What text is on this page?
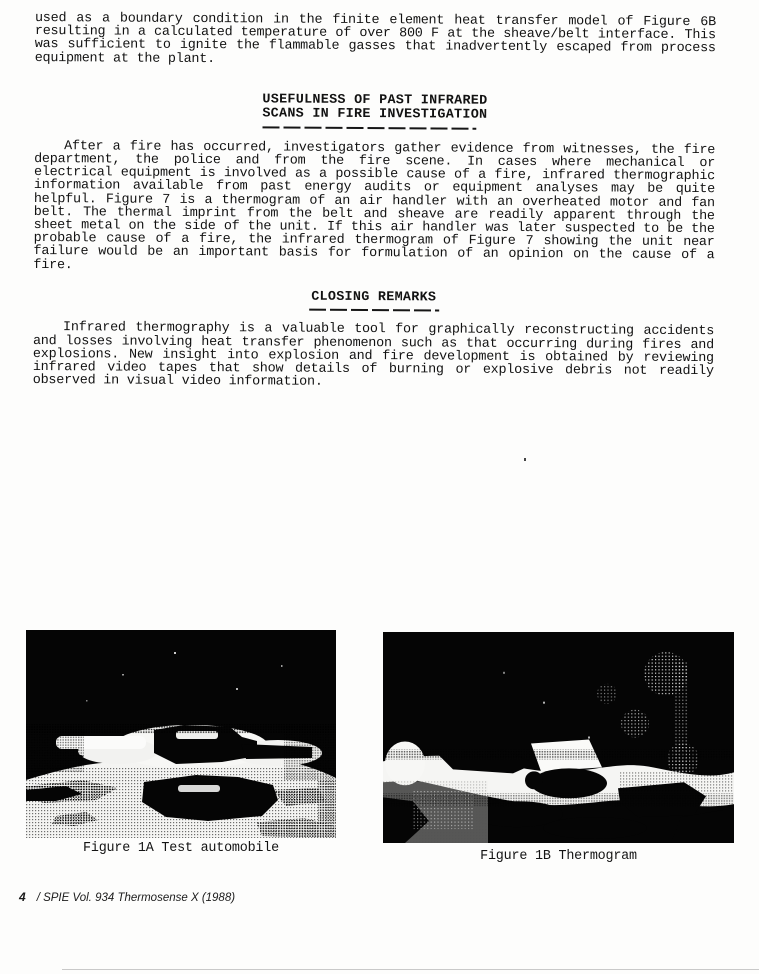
used as a boundary condition in the finite element heat transfer model of Figure 6B resulting in a calculated temperature of over 800 F at the sheave/belt interface. This was sufficient to ignite the flammable gasses that inadvertently escaped from process equipment at the plant.

USEFULNESS OF PAST INFRARED
SCANS IN FIRE INVESTIGATION

After a fire has occurred, investigators gather evidence from witnesses, the fire department, the police and from the fire scene. In cases where mechanical or electrical equipment is involved as a possible cause of a fire, infrared thermographic information available from past energy audits or equipment analyses may be quite helpful. Figure 7 is a thermogram of an air handler with an overheated motor and fan belt. The thermal imprint from the belt and sheave are readily apparent through the sheet metal on the side of the unit. If this air handler was later suspected to be the probable cause of a fire, the infrared thermogram of Figure 7 showing the unit near failure would be an important basis for formulation of an opinion on the cause of a fire.

CLOSING REMARKS

Infrared thermography is a valuable tool for graphically reconstructing accidents and losses involving heat transfer phenomenon such as that occurring during fires and explosions. New insight into explosion and fire development is obtained by reviewing infrared video tapes that show details of burning or explosive debris not readily observed in visual video information.

Figure 1A Test automobile
Figure 1B Thermogram
4 / SPIE Vol. 934 Thermosense X (1988)
